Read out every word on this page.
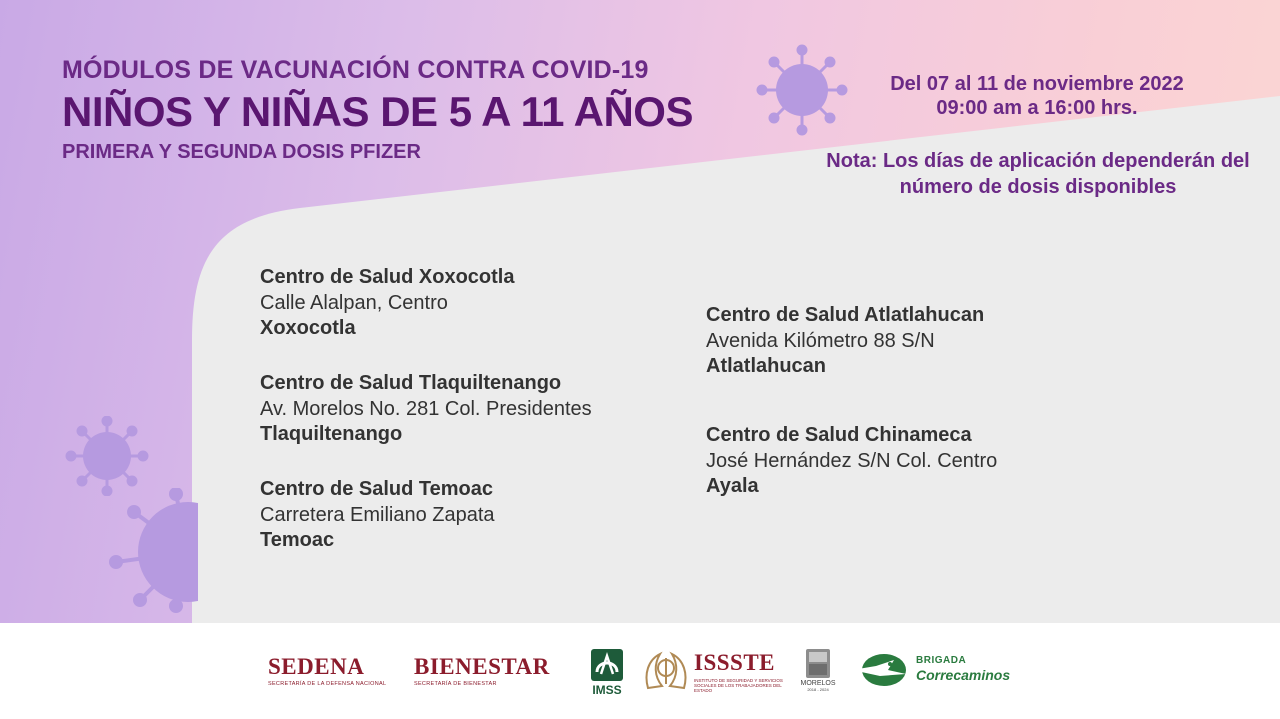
MÓDULOS DE VACUNACIÓN CONTRA COVID-19
NIÑOS Y NIÑAS DE 5 A 11 AÑOS
PRIMERA Y SEGUNDA DOSIS PFIZER
Del 07 al 11 de noviembre 2022
09:00 am a 16:00 hrs.
Nota: Los días de aplicación dependerán del
número de dosis disponibles
Centro de Salud Xoxocotla
Calle Alalpan, Centro
Xoxocotla
Centro de Salud Tlaquiltenango
Av. Morelos No. 281 Col. Presidentes
Tlaquiltenango
Centro de Salud Temoac
Carretera Emiliano Zapata
Temoac
Centro de Salud Atlatlahucan
Avenida Kilómetro 88 S/N
Atlatlahucan
Centro de Salud Chinameca
José Hernández S/N Col. Centro
Ayala
SEDENA
SECRETARÍA DE LA DEFENSA NACIONAL
BIENESTAR
SECRETARÍA DE BIENESTAR	IMSS
ISSSTE
INSTITUTO DE SEGURIDAD Y SERVICIOS SOCIALES DE LOS TRABAJADORES DEL ESTADO
MORELOS
2018 - 2024
BRIGADA
Correcaminos
